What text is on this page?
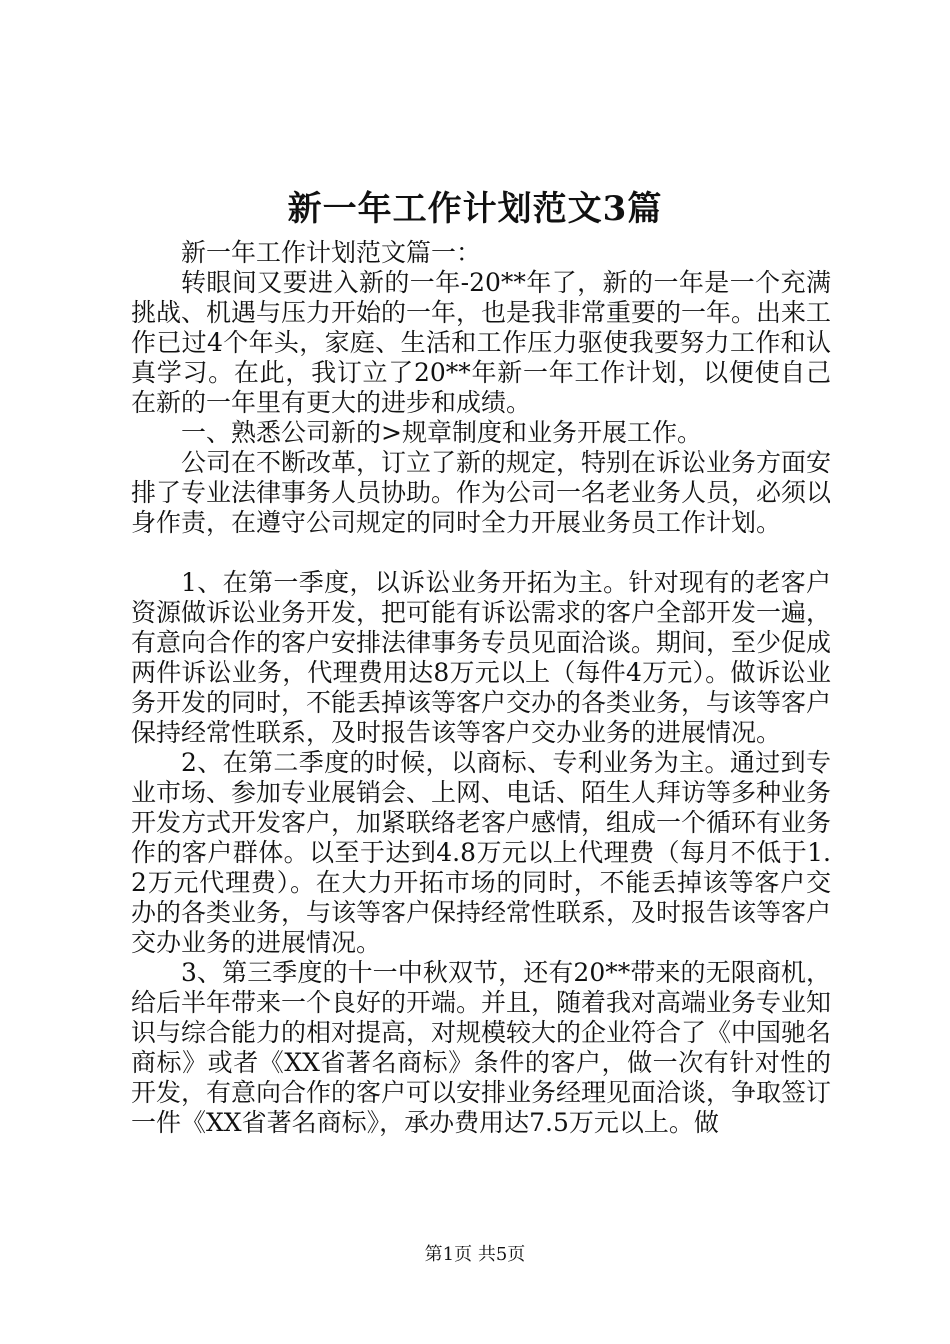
新一年工作计划范文3篇

新一年工作计划范文篇一：

转眼间又要进入新的一年-20**年了，新的一年是一个充满挑战、机遇与压力开始的一年，也是我非常重要的一年。出来工作已过4个年头，家庭、生活和工作压力驱使我要努力工作和认真学习。在此，我订立了20**年新一年工作计划，以便使自己在新的一年里有更大的进步和成绩。

一、熟悉公司新的>规章制度和业务开展工作。

公司在不断改革，订立了新的规定，特别在诉讼业务方面安排了专业法律事务人员协助。作为公司一名老业务人员，必须以身作责，在遵守公司规定的同时全力开展业务员工作计划。

1、在第一季度，以诉讼业务开拓为主。针对现有的老客户资源做诉讼业务开发，把可能有诉讼需求的客户全部开发一遍，有意向合作的客户安排法律事务专员见面洽谈。期间，至少促成两件诉讼业务，代理费用达8万元以上（每件4万元）。做诉讼业务开发的同时，不能丢掉该等客户交办的各类业务，与该等客户保持经常性联系，及时报告该等客户交办业务的进展情况。

2、在第二季度的时候，以商标、专利业务为主。通过到专业市场、参加专业展销会、上网、电话、陌生人拜访等多种业务开发方式开发客户，加紧联络老客户感情，组成一个循环有业务作的客户群体。以至于达到4.8万元以上代理费（每月不低于1.2万元代理费）。在大力开拓市场的同时，不能丢掉该等客户交办的各类业务，与该等客户保持经常性联系，及时报告该等客户交办业务的进展情况。

3、第三季度的十一中秋双节，还有20**带来的无限商机，给后半年带来一个良好的开端。并且，随着我对高端业务专业知识与综合能力的相对提高，对规模较大的企业符合了《中国驰名商标》或者《XX省著名商标》条件的客户，做一次有针对性的开发，有意向合作的客户可以安排业务经理见面洽谈，争取签订一件《XX省著名商标》，承办费用达7.5万元以上。做

第1页 共5页
